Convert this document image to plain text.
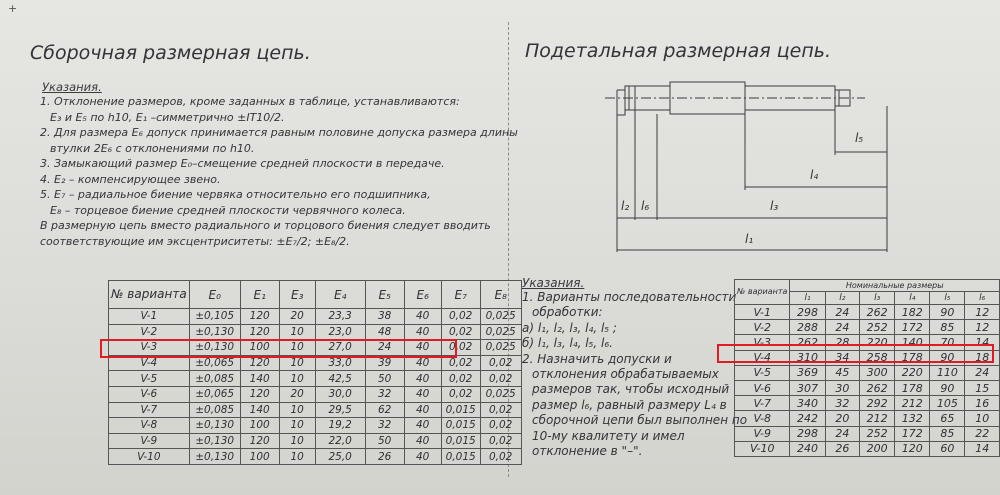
+
Сборочная размерная цепь.
Указания.
1. Отклонение размеров, кроме заданных в таблице, устанавливаются:
E₃ и E₅ по h10, E₁ –симметрично ±IT10/2.
2. Для размера E₆ допуск принимается равным половине допуска размера длины
втулки 2E₆ с отклонениями по h10.
3. Замыкающий размер E₀–смещение средней плоскости в передаче.
4. E₂ – компенсирующее звено.
5. E₇ – радиальное биение червяка относительно его подшипника,
E₈ – торцевое биение средней плоскости червячного колеса.
В размерную цепь вместо радиального и торцового биения следует вводить
соответствующие им эксцентриситеты: ±E₇/2; ±E₈/2.
№ варианта	E₀	E₁	E₃	E₄	E₅	E₆	E₇	E₈
V-1	±0,105	120	20	23,3	38	40	0,02	0,025
V-2	±0,130	120	10	23,0	48	40	0,02	0,025
V-3	±0,130	100	10	27,0	24	40	0,02	0,025
V-4	±0,065	120	10	33,0	39	40	0,02	0,02
V-5	±0,085	140	10	42,5	50	40	0,02	0,02
V-6	±0,065	120	20	30,0	32	40	0,02	0,025
V-7	±0,085	140	10	29,5	62	40	0,015	0,02
V-8	±0,130	100	10	19,2	32	40	0,015	0,02
V-9	±0,130	120	10	22,0	50	40	0,015	0,02
V-10	±0,130	100	10	25,0	26	40	0,015	0,02
Подетальная размерная цепь.
l₅
l₄
l₃
l₂ l₆
l₁
Указания.
1. Варианты последовательности
обработки:
а) l₁, l₂, l₃, l₄, l₅ ;
б) l₁, l₃, l₄, l₅, l₆.
2. Назначить допуски и
отклонения обрабатываемых
размеров так, чтобы исходный
размер l₆, равный размеру L₄ в
сборочной цепи был выполнен по
10-му квалитету и имел
отклонение в "–".
№ варианта	Номинальные размеры					
	l₁	l₂	l₃	l₄	l₅	l₆
V-1	298	24	262	182	90	12
V-2	288	24	252	172	85	12
V-3	262	28	220	140	70	14
V-4	310	34	258	178	90	18
V-5	369	45	300	220	110	24
V-6	307	30	262	178	90	15
V-7	340	32	292	212	105	16
V-8	242	20	212	132	65	10
V-9	298	24	252	172	85	22
V-10	240	26	200	120	60	14
